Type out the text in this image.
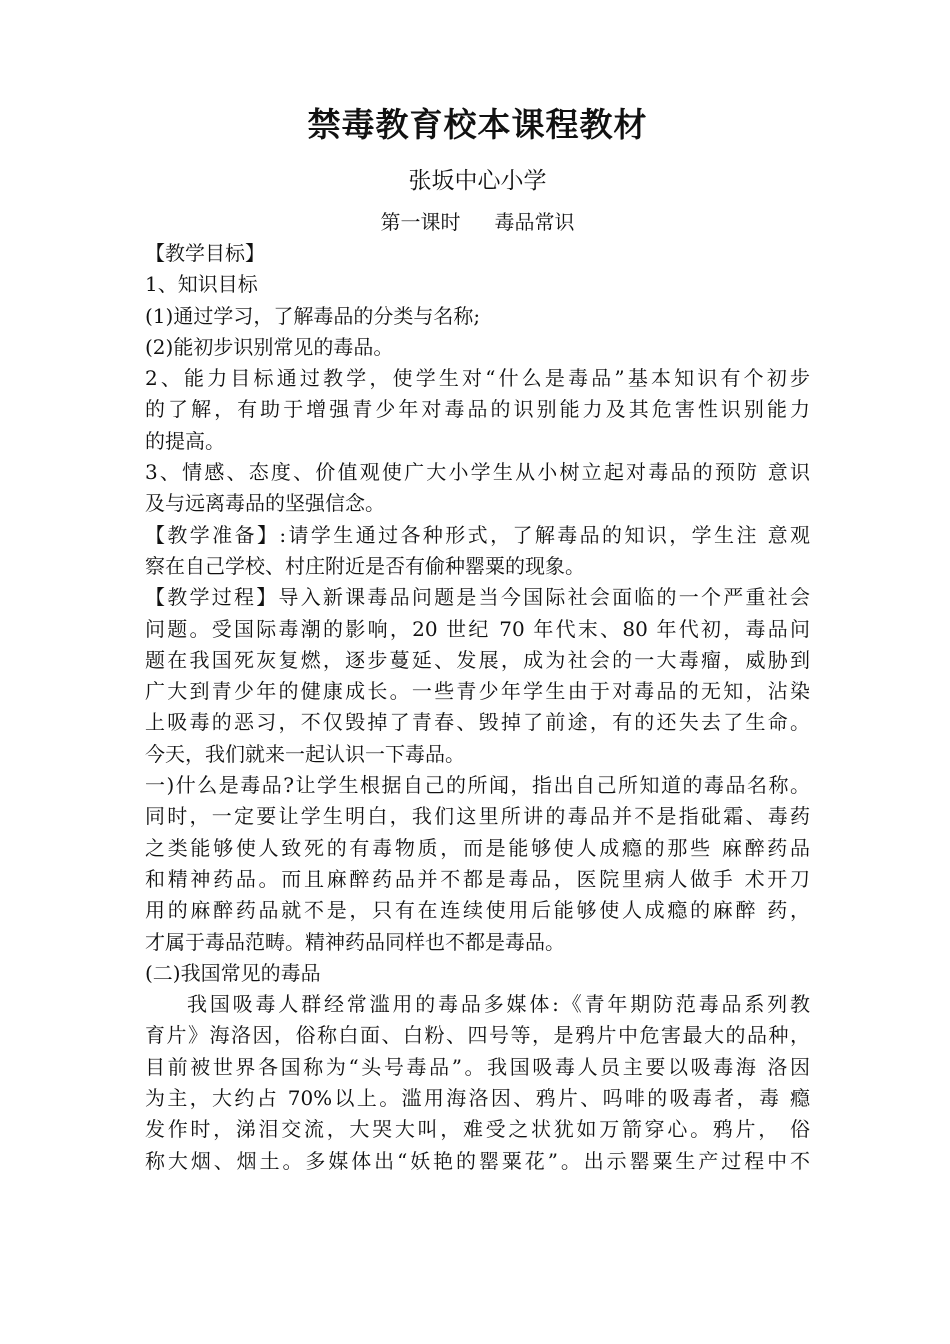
禁毒教育校本课程教材
张坂中心小学
第一课时 毒品常识
【教学目标】
1、知识目标
(1)通过学习，了解毒品的分类与名称;
(2)能初步识别常见的毒品。
2、能力目标通过教学，使学生对“什么是毒品”基本知识有个初步
的了解，有助于增强青少年对毒品的识别能力及其危害性识别能力
的提高。
3、情感、态度、价值观使广大小学生从小树立起对毒品的预防 意识
及与远离毒品的坚强信念。
【教学准备】:请学生通过各种形式，了解毒品的知识，学生注 意观
察在自己学校、村庄附近是否有偷种罂粟的现象。
【教学过程】导入新课毒品问题是当今国际社会面临的一个严重社会
问题。受国际毒潮的影响，20 世纪 70 年代末、80 年代初，毒品问
题在我国死灰复燃，逐步蔓延、发展，成为社会的一大毒瘤，威胁到
广大到青少年的健康成长。一些青少年学生由于对毒品的无知，沾染
上吸毒的恶习，不仅毁掉了青春、毁掉了前途，有的还失去了生命。
今天，我们就来一起认识一下毒品。
一)什么是毒品?让学生根据自己的所闻，指出自己所知道的毒品名称。
同时，一定要让学生明白，我们这里所讲的毒品并不是指砒霜、毒药
之类能够使人致死的有毒物质，而是能够使人成瘾的那些 麻醉药品
和精神药品。而且麻醉药品并不都是毒品，医院里病人做手 术开刀
用的麻醉药品就不是，只有在连续使用后能够使人成瘾的麻醉 药，
才属于毒品范畴。精神药品同样也不都是毒品。
(二)我国常见的毒品
我国吸毒人群经常滥用的毒品多媒体:《青年期防范毒品系列教
育片》海洛因，俗称白面、白粉、四号等，是鸦片中危害最大的品种，
目前被世界各国称为“头号毒品”。我国吸毒人员主要以吸毒海 洛因
为主，大约占 70%以上。滥用海洛因、鸦片、吗啡的吸毒者，毒 瘾
发作时，涕泪交流，大哭大叫，难受之状犹如万箭穿心。鸦片， 俗
称大烟、烟土。多媒体出“妖艳的罂粟花”。出示罂粟生产过程中不
